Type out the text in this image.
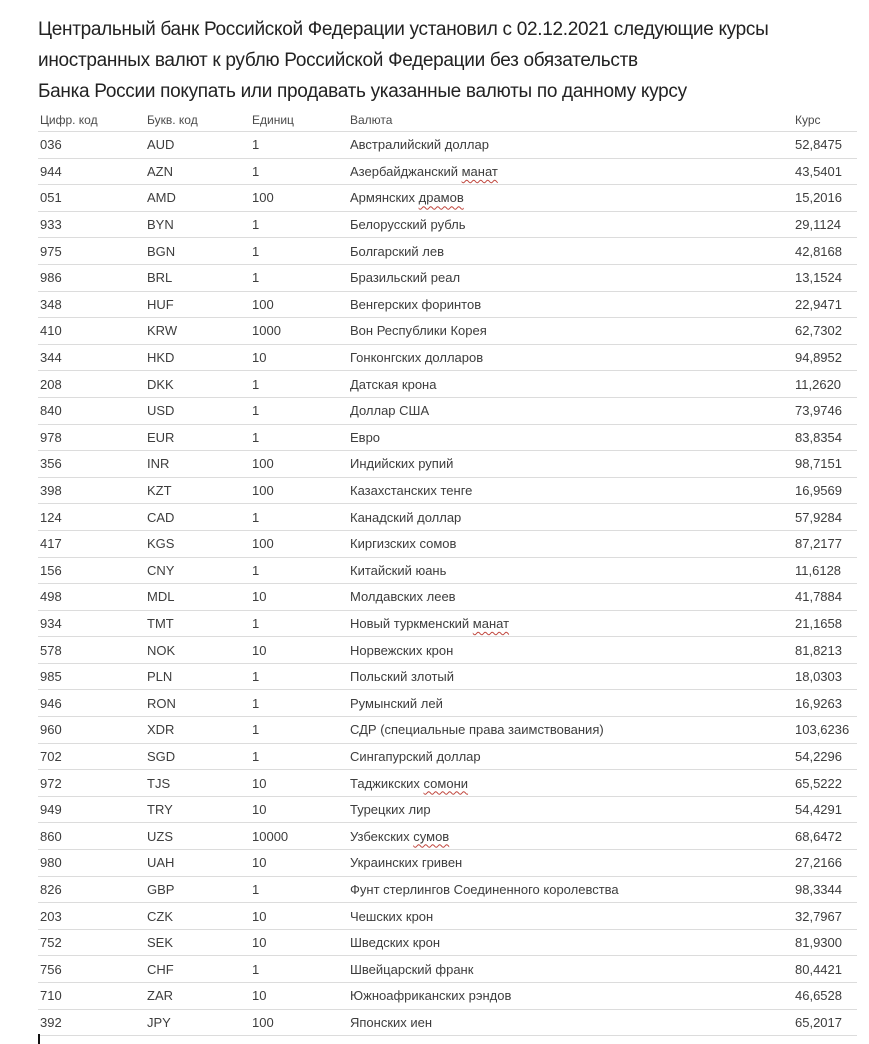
Центральный банк Российской Федерации установил с 02.12.2021 следующие курсы
иностранных валют к рублю Российской Федерации без обязательств
Банка России покупать или продавать указанные валюты по данному курсу
Цифр. код	Букв. код	Единиц	Валюта	Курс
036	AUD	1	Австралийский доллар	52,8475
944	AZN	1	Азербайджанский манат	43,5401
051	AMD	100	Армянских драмов	15,2016
933	BYN	1	Белорусский рубль	29,1124
975	BGN	1	Болгарский лев	42,8168
986	BRL	1	Бразильский реал	13,1524
348	HUF	100	Венгерских форинтов	22,9471
410	KRW	1000	Вон Республики Корея	62,7302
344	HKD	10	Гонконгских долларов	94,8952
208	DKK	1	Датская крона	11,2620
840	USD	1	Доллар США	73,9746
978	EUR	1	Евро	83,8354
356	INR	100	Индийских рупий	98,7151
398	KZT	100	Казахстанских тенге	16,9569
124	CAD	1	Канадский доллар	57,9284
417	KGS	100	Киргизских сомов	87,2177
156	CNY	1	Китайский юань	11,6128
498	MDL	10	Молдавских леев	41,7884
934	TMT	1	Новый туркменский манат	21,1658
578	NOK	10	Норвежских крон	81,8213
985	PLN	1	Польский злотый	18,0303
946	RON	1	Румынский лей	16,9263
960	XDR	1	СДР (специальные права заимствования)	103,6236
702	SGD	1	Сингапурский доллар	54,2296
972	TJS	10	Таджикских сомони	65,5222
949	TRY	10	Турецких лир	54,4291
860	UZS	10000	Узбекских сумов	68,6472
980	UAH	10	Украинских гривен	27,2166
826	GBP	1	Фунт стерлингов Соединенного королевства	98,3344
203	CZK	10	Чешских крон	32,7967
752	SEK	10	Шведских крон	81,9300
756	CHF	1	Швейцарский франк	80,4421
710	ZAR	10	Южноафриканских рэндов	46,6528
392	JPY	100	Японских иен	65,2017
